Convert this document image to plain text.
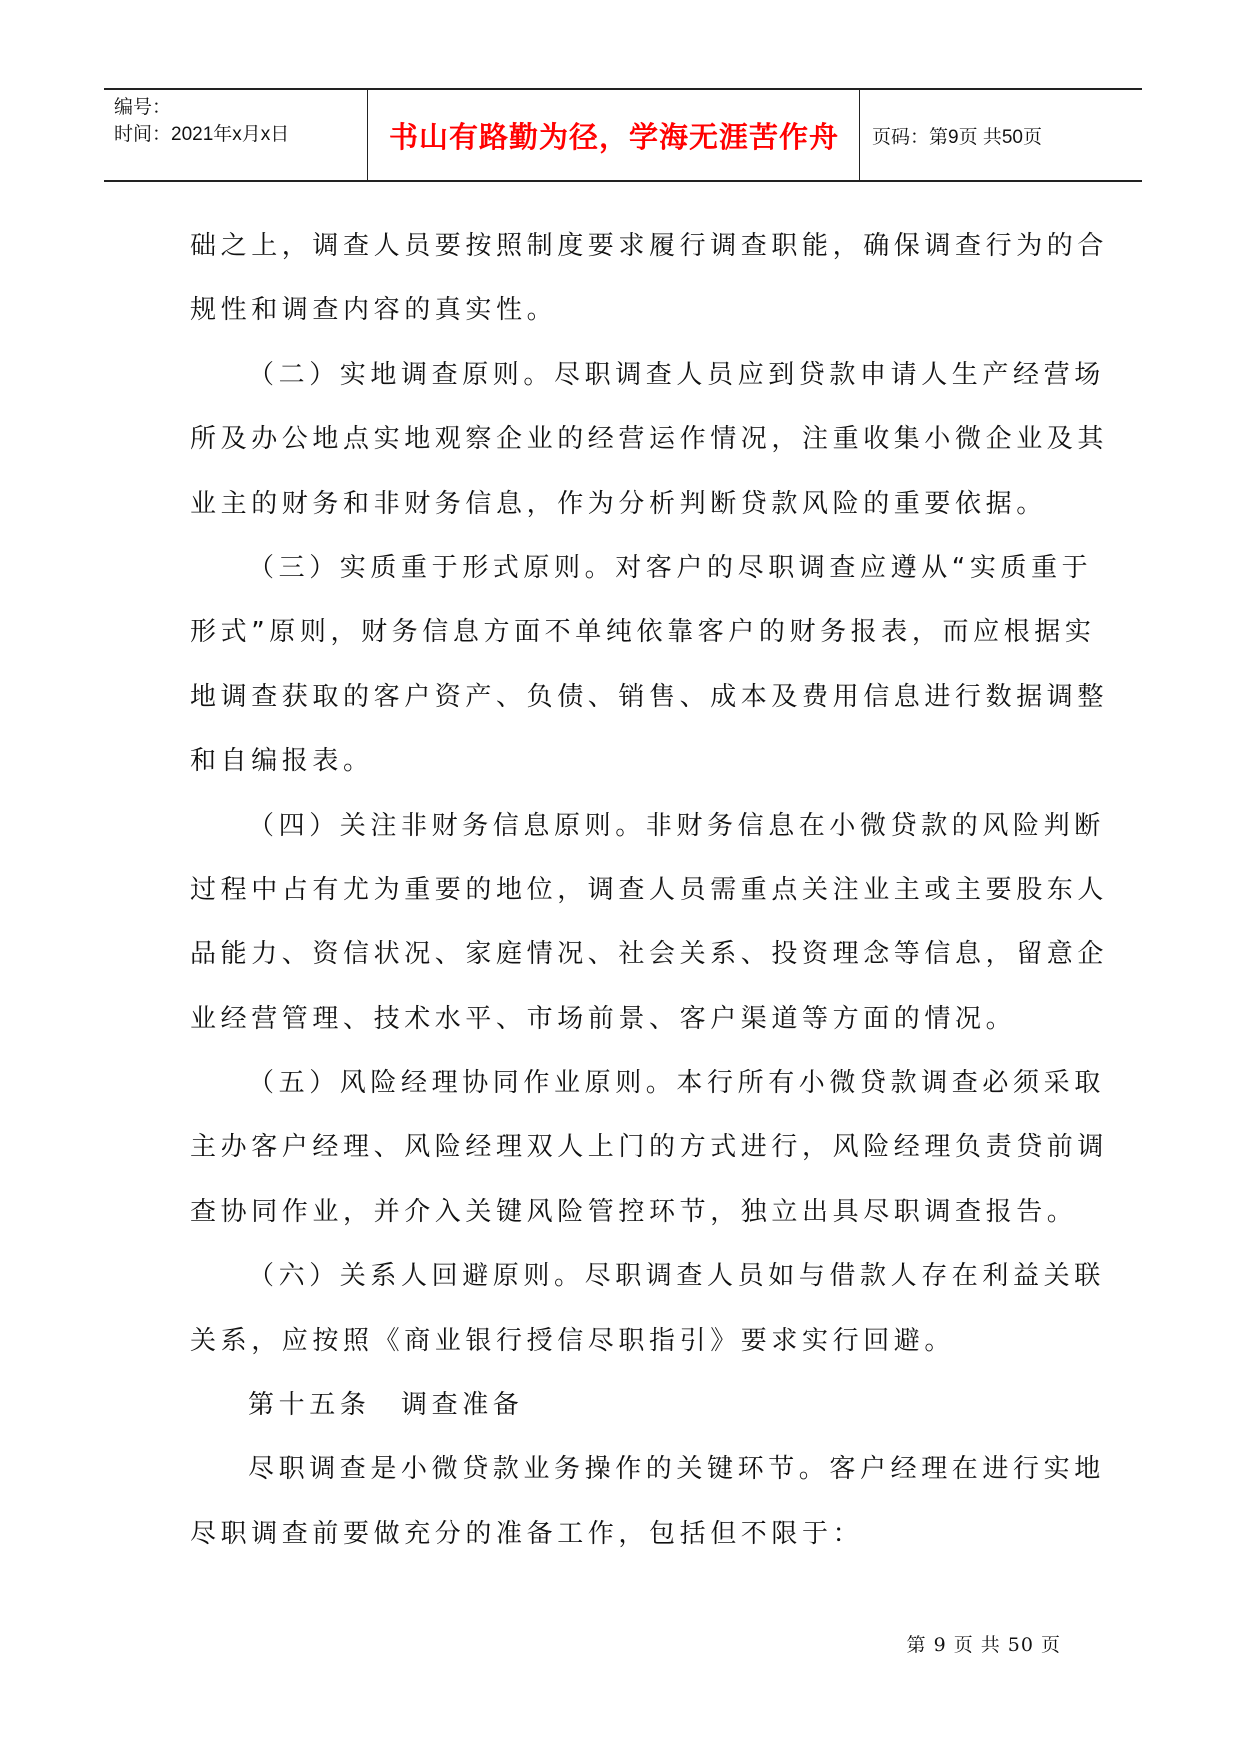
编号：
时间：2021年x月x日	书山有路勤为径，学海无涯苦作舟	页码：第9页 共50页
础之上，调查人员要按照制度要求履行调查职能，确保调查行为的合
规性和调查内容的真实性。
（二）实地调查原则。尽职调查人员应到贷款申请人生产经营场
所及办公地点实地观察企业的经营运作情况，注重收集小微企业及其
业主的财务和非财务信息，作为分析判断贷款风险的重要依据。
（三）实质重于形式原则。对客户的尽职调查应遵从“实质重于
形式”原则，财务信息方面不单纯依靠客户的财务报表，而应根据实
地调查获取的客户资产、负债、销售、成本及费用信息进行数据调整
和自编报表。
（四）关注非财务信息原则。非财务信息在小微贷款的风险判断
过程中占有尤为重要的地位，调查人员需重点关注业主或主要股东人
品能力、资信状况、家庭情况、社会关系、投资理念等信息，留意企
业经营管理、技术水平、市场前景、客户渠道等方面的情况。
（五）风险经理协同作业原则。本行所有小微贷款调查必须采取
主办客户经理、风险经理双人上门的方式进行，风险经理负责贷前调
查协同作业，并介入关键风险管控环节，独立出具尽职调查报告。
（六）关系人回避原则。尽职调查人员如与借款人存在利益关联
关系，应按照《商业银行授信尽职指引》要求实行回避。
第十五条　调查准备
尽职调查是小微贷款业务操作的关键环节。客户经理在进行实地
尽职调查前要做充分的准备工作，包括但不限于：
第 9 页 共 50 页
